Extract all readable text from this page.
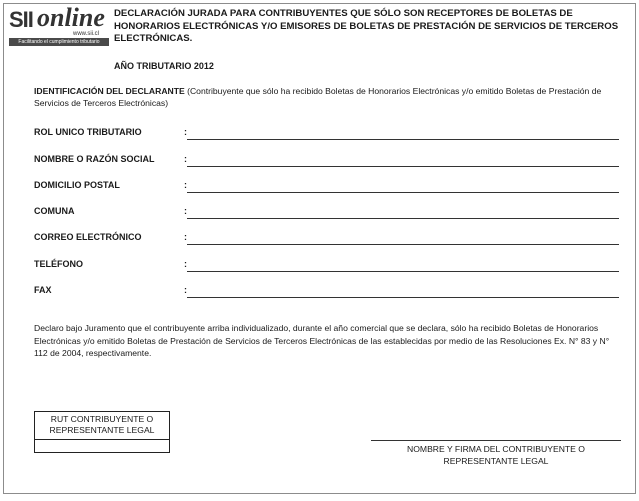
SII online
www.sii.cl
Facilitando el cumplimiento tributario
DECLARACIÓN JURADA PARA CONTRIBUYENTES QUE SÓLO SON RECEPTORES DE BOLETAS DE HONORARIOS ELECTRÓNICAS Y/O EMISORES DE BOLETAS DE PRESTACIÓN DE SERVICIOS DE TERCEROS ELECTRÓNICAS.
AÑO TRIBUTARIO 2012
IDENTIFICACIÓN DEL DECLARANTE (Contribuyente que sólo ha recibido Boletas de Honorarios Electrónicas y/o emitido Boletas de Prestación de Servicios de Terceros Electrónicas)
ROL UNICO TRIBUTARIO	:
NOMBRE O RAZÓN SOCIAL	:
DOMICILIO POSTAL	:
COMUNA	:
CORREO ELECTRÓNICO	:
TELÉFONO	:
FAX	:
Declaro bajo Juramento que el contribuyente arriba individualizado, durante el año comercial que se declara, sólo ha recibido Boletas de Honorarios Electrónicas y/o emitido Boletas de Prestación de Servicios de Terceros Electrónicas de las establecidas por medio de las Resoluciones Ex. N° 83 y N° 112 de 2004, respectivamente.
RUT CONTRIBUYENTE O REPRESENTANTE LEGAL
NOMBRE Y FIRMA DEL CONTRIBUYENTE O REPRESENTANTE LEGAL
